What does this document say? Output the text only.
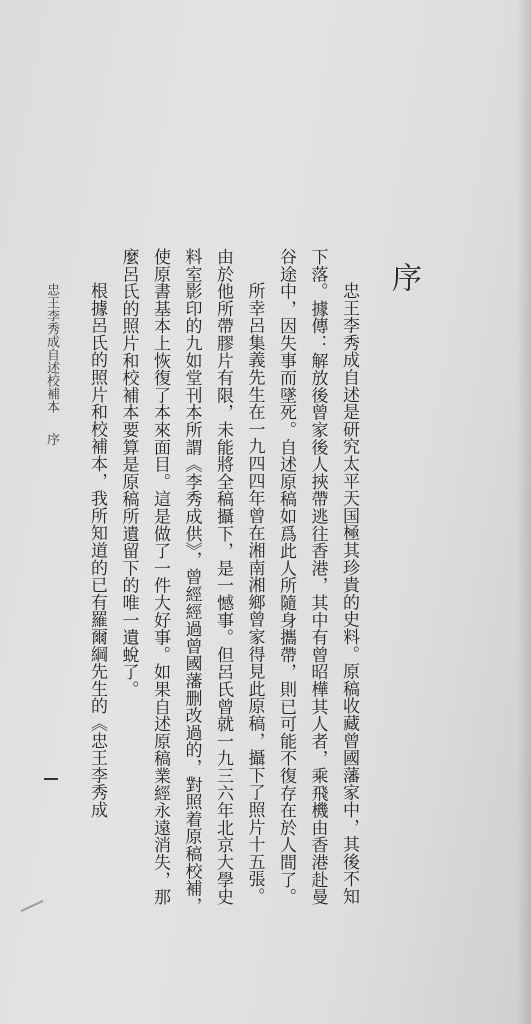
序

忠王李秀成自述是研究太平天国極其珍貴的史料。原稿收藏曾國藩家中，其後不知下落。據傳：解放後曾家後人挾帶逃往香港，其中有曾昭樺其人者，乘飛機由香港赴曼谷途中，因失事而墜死。自述原稿如爲此人所隨身攜帶，則已可能不復存在於人間了。

所幸呂集義先生在一九四四年曾在湘南湘鄉曾家得見此原稿，攝下了照片十五張。由於他所帶膠片有限，未能將全稿攝下，是一憾事。但呂氏曾就一九三六年北京大學史料室影印的九如堂刊本所謂《李秀成供》，曾經經過曾國藩删改過的，對照着原稿校補，使原書基本上恢復了本來面目。這是做了一件大好事。如果自述原稿業經永遠消失，那麼呂氏的照片和校補本要算是原稿所遺留下的唯一遺蛻了。

根據呂氏的照片和校補本，我所知道的已有羅爾綱先生的《忠王李秀成

忠王李秀成自述校補本序
